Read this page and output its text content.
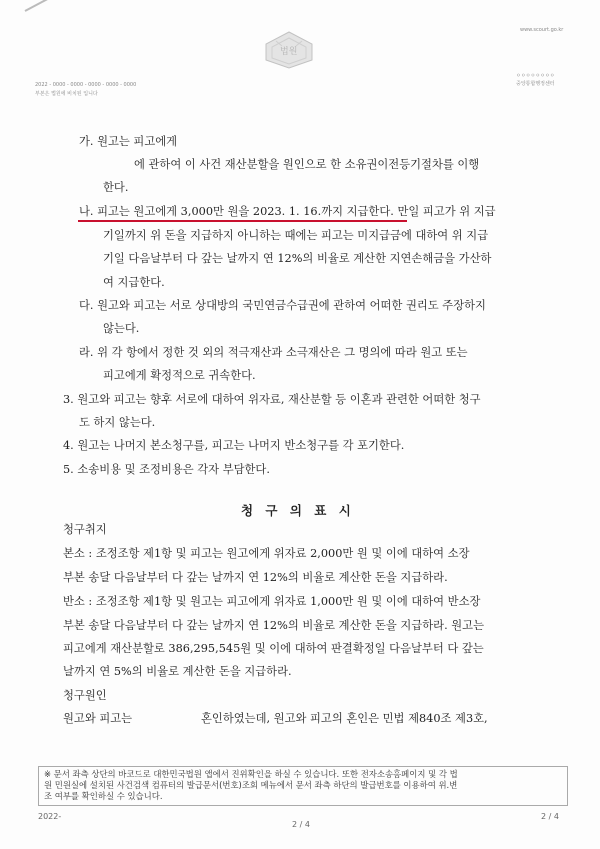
www.scourt.go.kr
2022 - 0000 - 0000 - 0000 - 0000 - 0000
부본은 법원에 비치된 입니다
ㅇㅇㅇㅇㅇㅇㅇㅇ
중앙통합행정센터
법원
가. 원고는 피고에게
에 관하여 이 사건 재산분할을 원인으로 한 소유권이전등기절차를 이행
한다.
나. 피고는 원고에게 3,000만 원을 2023. 1. 16.까지 지급한다. 만일 피고가 위 지급
기일까지 위 돈을 지급하지 아니하는 때에는 피고는 미지급금에 대하여 위 지급
기일 다음날부터 다 갚는 날까지 연 12%의 비율로 계산한 지연손해금을 가산하
여 지급한다.
다. 원고와 피고는 서로 상대방의 국민연금수급권에 관하여 어떠한 권리도 주장하지
않는다.
라. 위 각 항에서 정한 것 외의 적극재산과 소극재산은 그 명의에 따라 원고 또는
피고에게 확정적으로 귀속한다.
3. 원고와 피고는 향후 서로에 대하여 위자료, 재산분할 등 이혼과 관련한 어떠한 청구
도 하지 않는다.
4. 원고는 나머지 본소청구를, 피고는 나머지 반소청구를 각 포기한다.
5. 소송비용 및 조정비용은 각자 부담한다.
청 구 의 표 시
청구취지
본소 : 조정조항 제1항 및 피고는 원고에게 위자료 2,000만 원 및 이에 대하여 소장
부본 송달 다음날부터 다 갚는 날까지 연 12%의 비율로 계산한 돈을 지급하라.
반소 : 조정조항 제1항 및 원고는 피고에게 위자료 1,000만 원 및 이에 대하여 반소장
부본 송달 다음날부터 다 갚는 날까지 연 12%의 비율로 계산한 돈을 지급하라. 원고는
피고에게 재산분할로 386,295,545원 및 이에 대하여 판결확정일 다음날부터 다 갚는
날까지 연 5%의 비율로 계산한 돈을 지급하라.
청구원인
원고와 피고는	혼인하였는데, 원고와 피고의 혼인은 민법 제840조 제3호,
※ 문서 좌측 상단의 바코드로 대한민국법원 앱에서 진위확인을 하실 수 있습니다. 또한 전자소송홈페이지 및 각 법
원 민원실에 설치된 사건검색 컴퓨터의 발급문서(번호)조회 메뉴에서 문서 좌측 하단의 발급번호를 이용하여 위.변
조 여부를 확인하실 수 있습니다.
2022-
2 / 4
2 / 4
